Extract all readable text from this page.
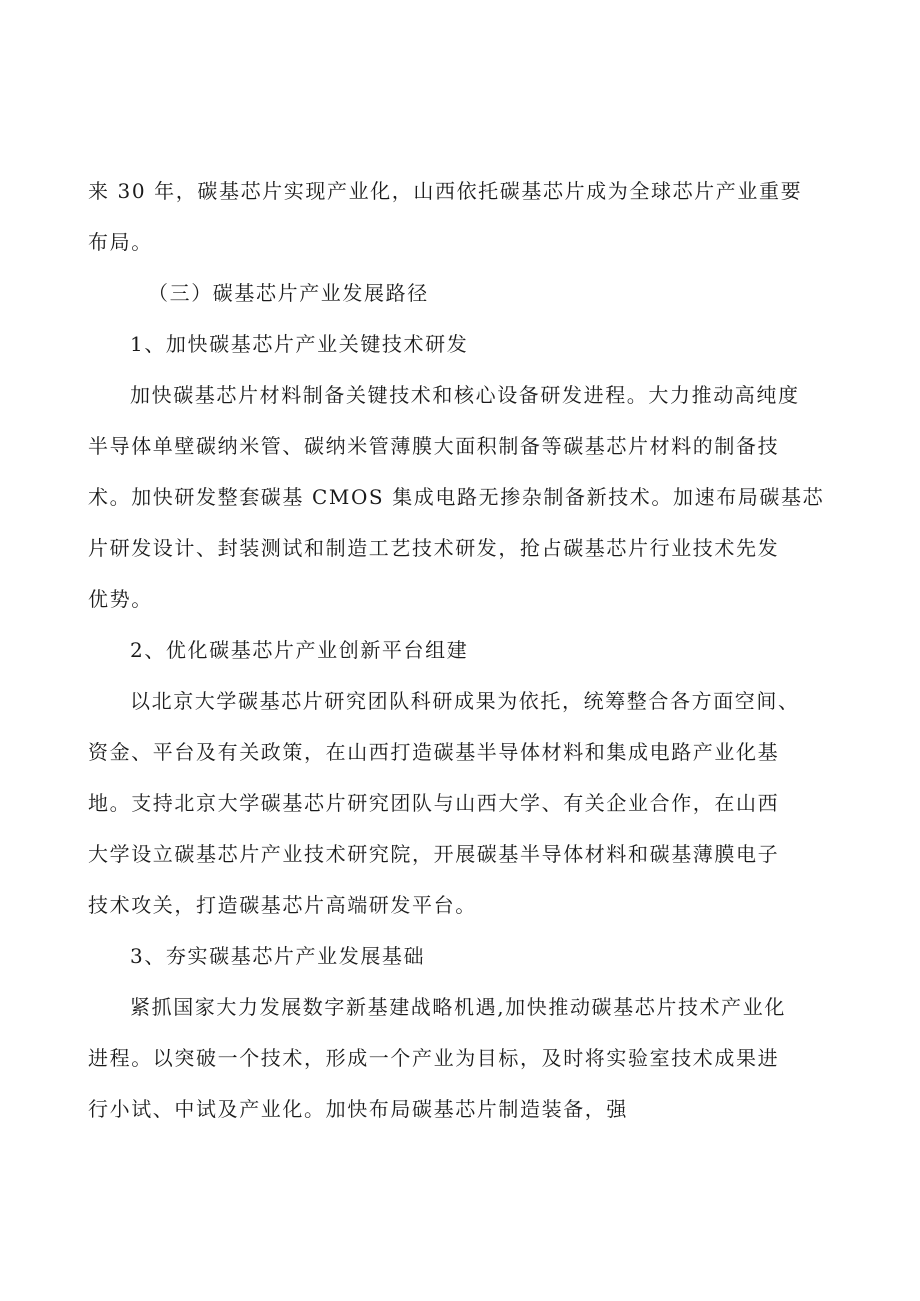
来 30 年，碳基芯片实现产业化，山西依托碳基芯片成为全球芯片产业重要
布局。
（三）碳基芯片产业发展路径
1、加快碳基芯片产业关键技术研发
加快碳基芯片材料制备关键技术和核心设备研发进程。大力推动高纯度
半导体单壁碳纳米管、碳纳米管薄膜大面积制备等碳基芯片材料的制备技
术。加快研发整套碳基 CMOS 集成电路无掺杂制备新技术。加速布局碳基芯
片研发设计、封装测试和制造工艺技术研发，抢占碳基芯片行业技术先发
优势。
2、优化碳基芯片产业创新平台组建
以北京大学碳基芯片研究团队科研成果为依托，统筹整合各方面空间、
资金、平台及有关政策，在山西打造碳基半导体材料和集成电路产业化基
地。支持北京大学碳基芯片研究团队与山西大学、有关企业合作，在山西
大学设立碳基芯片产业技术研究院，开展碳基半导体材料和碳基薄膜电子
技术攻关，打造碳基芯片高端研发平台。
3、夯实碳基芯片产业发展基础
紧抓国家大力发展数字新基建战略机遇,加快推动碳基芯片技术产业化
进程。以突破一个技术，形成一个产业为目标，及时将实验室技术成果进
行小试、中试及产业化。加快布局碳基芯片制造装备，强
